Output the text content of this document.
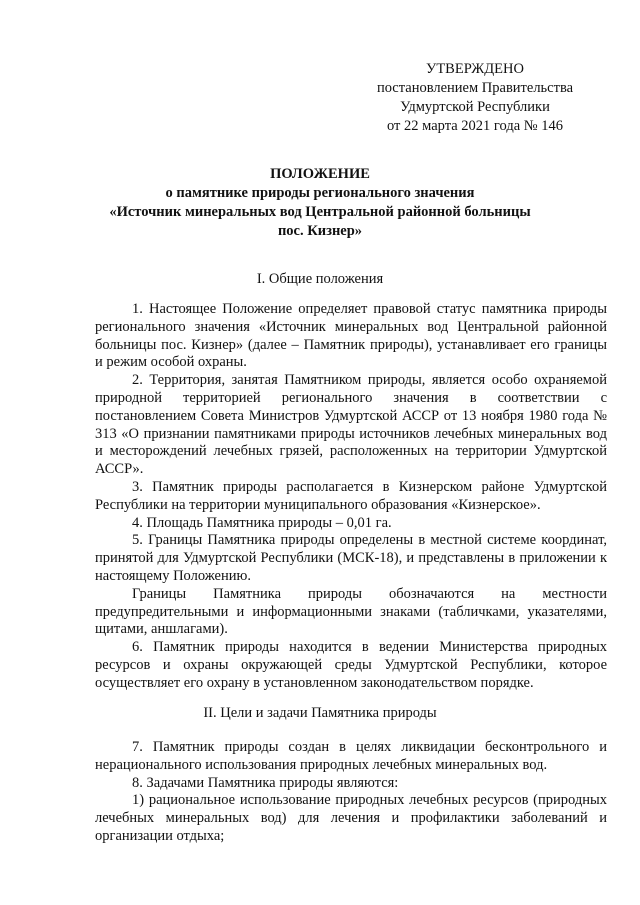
УТВЕРЖДЕНО
постановлением Правительства
Удмуртской Республики
от 22 марта 2021 года № 146
ПОЛОЖЕНИЕ
о памятнике природы регионального значения
«Источник минеральных вод Центральной районной больницы
пос. Кизнер»
I. Общие положения

1. Настоящее Положение определяет правовой статус памятника природы регионального значения «Источник минеральных вод Центральной районной больницы пос. Кизнер» (далее – Памятник природы), устанавливает его границы и режим особой охраны.

2. Территория, занятая Памятником природы, является особо охраняемой природной территорией регионального значения в соответствии с постановлением Совета Министров Удмуртской АССР от 13 ноября 1980 года № 313 «О признании памятниками природы источников лечебных минеральных вод и месторождений лечебных грязей, расположенных на территории Удмуртской АССР».

3. Памятник природы располагается в Кизнерском районе Удмуртской Республики на территории муниципального образования «Кизнерское».

4. Площадь Памятника природы – 0,01 га.

5. Границы Памятника природы определены в местной системе координат, принятой для Удмуртской Республики (МСК-18), и представлены в приложении к настоящему Положению.

Границы Памятника природы обозначаются на местности предупредительными и информационными знаками (табличками, указателями, щитами, аншлагами).

6. Памятник природы находится в ведении Министерства природных ресурсов и охраны окружающей среды Удмуртской Республики, которое осуществляет его охрану в установленном законодательством порядке.

II. Цели и задачи Памятника природы

7. Памятник природы создан в целях ликвидации бесконтрольного и нерационального использования природных лечебных минеральных вод.

8. Задачами Памятника природы являются:

1) рациональное использование природных лечебных ресурсов (природных лечебных минеральных вод) для лечения и профилактики заболеваний и организации отдыха;
